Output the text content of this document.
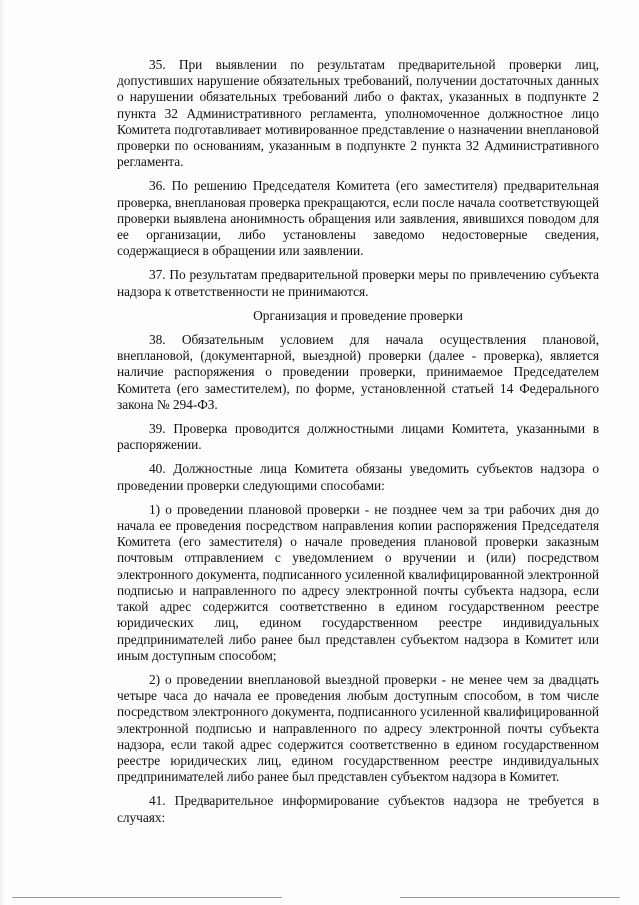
35. При выявлении по результатам предварительной проверки лиц, допустивших нарушение обязательных требований, получении достаточных данных о нарушении обязательных требований либо о фактах, указанных в подпункте 2 пункта 32 Административного регламента, уполномоченное должностное лицо Комитета подготавливает мотивированное представление о назначении внеплановой проверки по основаниям, указанным в подпункте 2 пункта 32 Административного регламента.

36. По решению Председателя Комитета (его заместителя) предварительная проверка, внеплановая проверка прекращаются, если после начала соответствующей проверки выявлена анонимность обращения или заявления, явившихся поводом для ее организации, либо установлены заведомо недостоверные сведения, содержащиеся в обращении или заявлении.

37. По результатам предварительной проверки меры по привлечению субъекта надзора к ответственности не принимаются.

Организация и проведение проверки

38. Обязательным условием для начала осуществления плановой, внеплановой, (документарной, выездной) проверки (далее - проверка), является наличие распоряжения о проведении проверки, принимаемое Председателем Комитета (его заместителем), по форме, установленной статьей 14 Федерального закона № 294-ФЗ.

39. Проверка проводится должностными лицами Комитета, указанными в распоряжении.

40. Должностные лица Комитета обязаны уведомить субъектов надзора о проведении проверки следующими способами:

1) о проведении плановой проверки - не позднее чем за три рабочих дня до начала ее проведения посредством направления копии распоряжения Председателя Комитета (его заместителя) о начале проведения плановой проверки заказным почтовым отправлением с уведомлением о вручении и (или) посредством электронного документа, подписанного усиленной квалифицированной электронной подписью и направленного по адресу электронной почты субъекта надзора, если такой адрес содержится соответственно в едином государственном реестре юридических лиц, едином государственном реестре индивидуальных предпринимателей либо ранее был представлен субъектом надзора в Комитет или иным доступным способом;

2) о проведении внеплановой выездной проверки - не менее чем за двадцать четыре часа до начала ее проведения любым доступным способом, в том числе посредством электронного документа, подписанного усиленной квалифицированной электронной подписью и направленного по адресу электронной почты субъекта надзора, если такой адрес содержится соответственно в едином государственном реестре юридических лиц, едином государственном реестре индивидуальных предпринимателей либо ранее был представлен субъектом надзора в Комитет.

41. Предварительное информирование субъектов надзора не требуется в случаях:
